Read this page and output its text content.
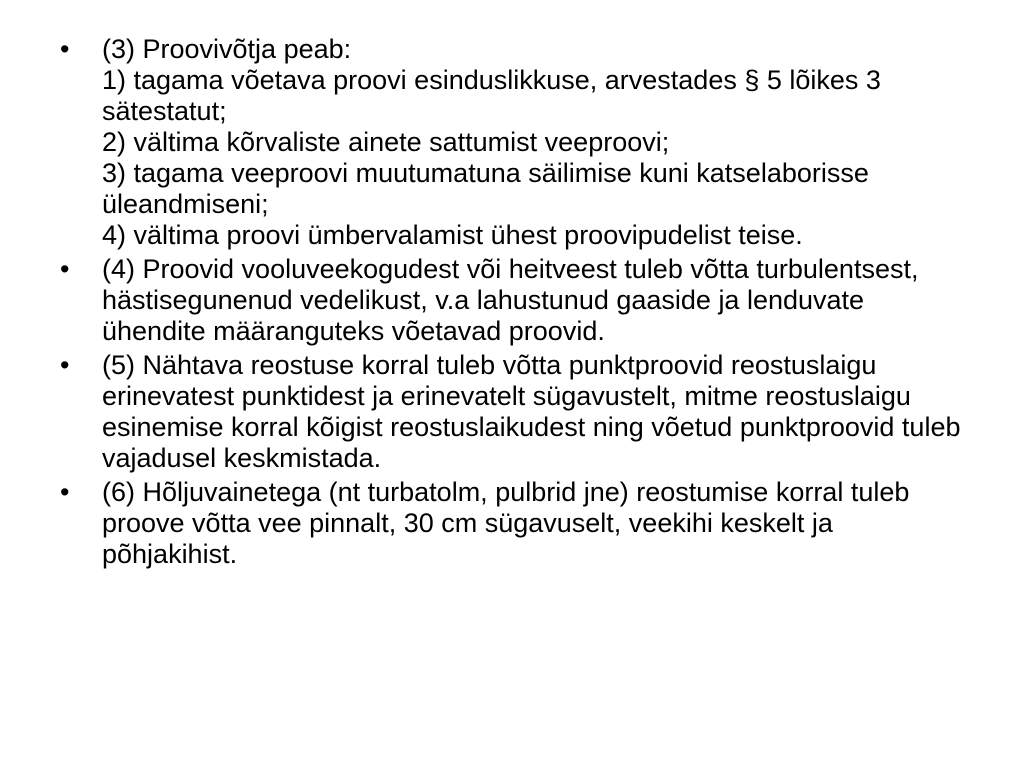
•	(3) Proovivõtja peab:
1) tagama võetava proovi esinduslikkuse, arvestades § 5 lõikes 3 sätestatut;
2) vältima kõrvaliste ainete sattumist veeproovi;
3) tagama veeproovi muutumatuna säilimise kuni katselaborisse üleandmiseni;
4) vältima proovi ümbervalamist ühest proovipudelist teise.
•	(4) Proovid vooluveekogudest või heitveest tuleb võtta turbulentsest, hästisegunenud vedelikust, v.a lahustunud gaaside ja lenduvate ühendite määranguteks võetavad proovid.
•	(5) Nähtava reostuse korral tuleb võtta punktproovid reostuslaigu erinevatest punktidest ja erinevatelt sügavustelt, mitme reostuslaigu esinemise korral kõigist reostuslaikudest ning võetud punktproovid tuleb vajadusel keskmistada.
•	(6) Hõljuvainetega (nt turbatolm, pulbrid jne) reostumise korral tuleb proove võtta vee pinnalt, 30 cm sügavuselt, veekihi keskelt ja põhjakihist.
